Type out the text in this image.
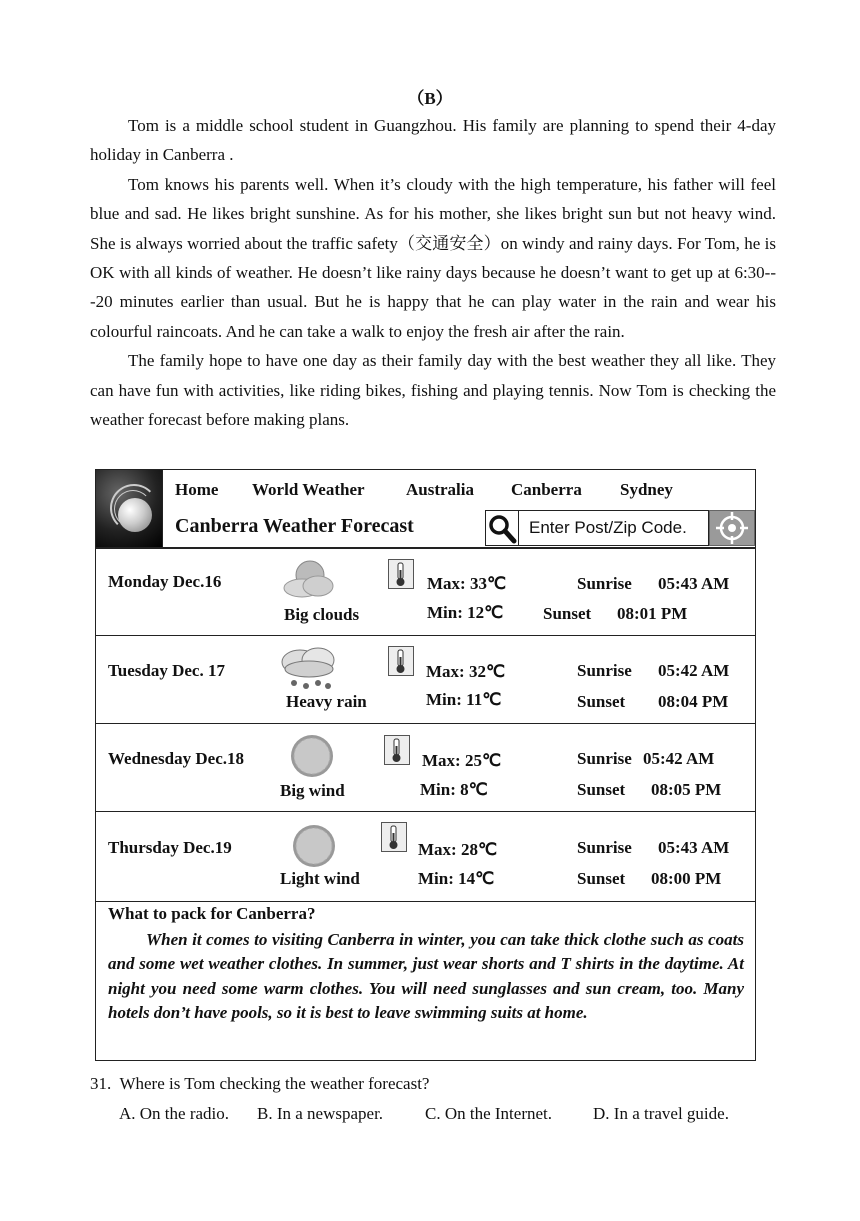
（B）

Tom is a middle school student in Guangzhou. His family are planning to spend their 4-day holiday in Canberra .

Tom knows his parents well. When it’s cloudy with the high temperature, his father will feel blue and sad. He likes bright sunshine. As for his mother, she likes bright sun but not heavy wind. She is always worried about the traffic safety（交通安全）on windy and rainy days. For Tom, he is OK with all kinds of weather. He doesn’t like rainy days because he doesn’t want to get up at 6:30---20 minutes earlier than usual. But he is happy that he can play water in the rain and wear his colourful raincoats. And he can take a walk to enjoy the fresh air after the rain.

The family hope to have one day as their family day with the best weather they all like. They can have fun with activities, like riding bikes, fishing and playing tennis. Now Tom is checking the weather forecast before making plans.

Home World Weather Australia Canberra Sydney
Canberra Weather Forecast
Enter Post/Zip Code.
Monday Dec.16
Big clouds
Max: 33℃
Min: 12℃
Sunrise 05:43 AM
Sunset 08:01 PM
Tuesday Dec. 17
Heavy rain
Max: 32℃
Min: 11℃
Sunrise 05:42 AM
Sunset 08:04 PM
Wednesday Dec.18
Big wind
Max: 25℃
Min: 8℃
Sunrise 05:42 AM
Sunset 08:05 PM
Thursday Dec.19
Light wind
Max: 28℃
Min: 14℃
Sunrise 05:43 AM
Sunset 08:00 PM
What to pack for Canberra?

When it comes to visiting Canberra in winter, you can take thick clothe such as coats and some wet weather clothes. In summer, just wear shorts and T shirts in the daytime. At night you need some warm clothes. You will need sunglasses and sun cream, too. Many hotels don’t have pools, so it is best to leave swimming suits at home.

31. Where is Tom checking the weather forecast?
A. On the radio. B. In a newspaper. C. On the Internet. D. In a travel guide.
